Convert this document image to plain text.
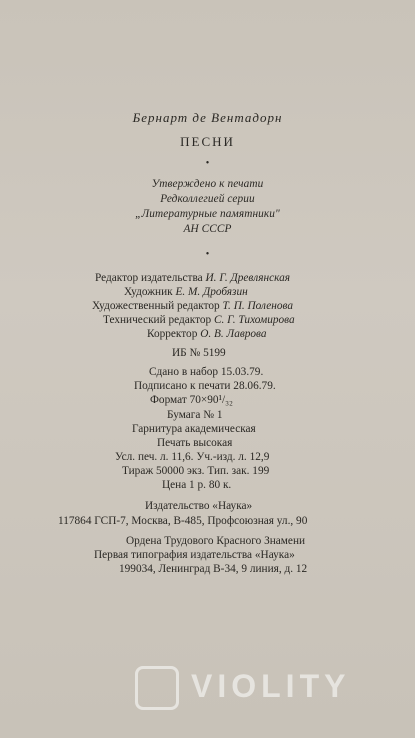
Бернарт де Вентадорн
ПЕСНИ
•
Утверждено к печати
Редколлегией серии
„Литературные памятники"
АН СССР
•
Редактор издательства И. Г. Древлянская
Художник Е. М. Дробязин
Художественный редактор Т. П. Поленова
Технический редактор С. Г. Тихомирова
Корректор О. В. Лаврова
ИБ № 5199
Сдано в набор 15.03.79.
Подписано к печати 28.06.79.
Формат 70×90¹/₃₂
Бумага № 1
Гарнитура академическая
Печать высокая
Усл. печ. л. 11,6. Уч.-изд. л. 12,9
Тираж 50000 экз. Тип. зак. 199
Цена 1 р. 80 к.
Издательство «Наука»
117864 ГСП-7, Москва, В-485, Профсоюзная ул., 90
Ордена Трудового Красного Знамени
Первая типография издательства «Наука»
199034, Ленинград В-34, 9 линия, д. 12
VIOLITY
